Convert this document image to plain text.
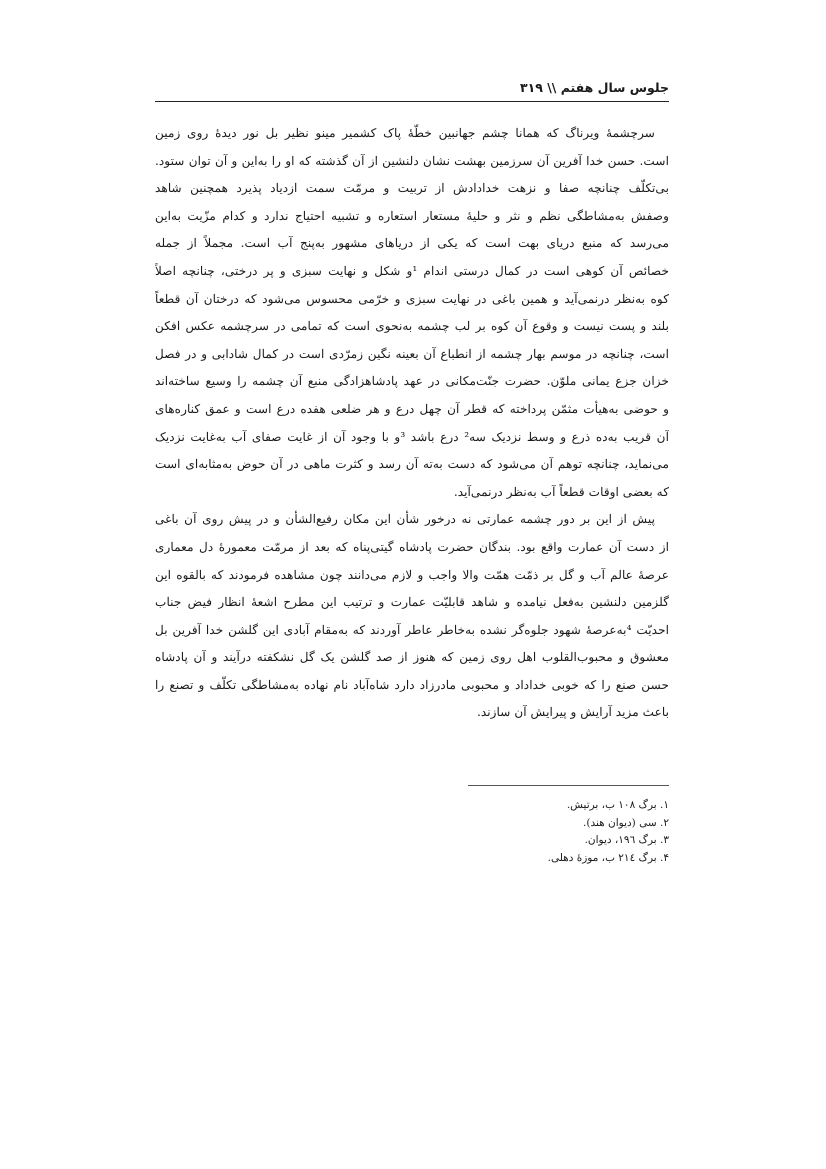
جلوس سال هفتم \\ ۳۱۹

سرچشمهٔ ویرناگ که همانا چشم جهانبین خطّهٔ پاک کشمیر مینو نظیر بل نور دیدهٔ روی زمین
است. حسن خدا آفرین آن سرزمین بهشت نشان دلنشین از آن گذشته که او را به‌این و آن توان ستود.
بی‌تکلّف چنانچه صفا و نزهت خدادادش از تربیت و مرمّت سمت ازدیاد پذیرد همچنین شاهد
وصفش به‌مشاطگی نظم و نثر و حلیهٔ مستعار استعاره و تشبیه احتیاج ندارد و کدام مزّیت به‌این
می‌رسد که منبع دریای بهت است که یکی از دریاهای مشهور به‌پنج آب است. مجملاً از جمله
خصائص آن کوهی است در کمال درستی اندام ¹و شکل و نهایت سبزی و پر درختی، چنانچه اصلاً
کوه به‌نظر درنمی‌آید و همین باغی در نهایت سبزی و خرّمی محسوس می‌شود که درختان آن قطعاً
بلند و پست نیست و وقوع آن کوه بر لب چشمه به‌نحوی است که تمامی در سرچشمه عکس افکن
است، چنانچه در موسم بهار چشمه از انطباع آن بعینه نگین زمرّدی است در کمال شادابی و در فصل
خزان جزع یمانی ملوّن. حضرت جنّت‌مکانی در عهد پادشاهزادگی منبع آن چشمه را وسیع ساخته‌اند
و حوضی به‌هیأت مثمّن پرداخته که قطر آن چهل درع و هر ضلعی هفده درع است و عمق کناره‌های
آن قریب به‌ده ذرع و وسط نزدیک سه² درع باشد ³و با وجود آن از غایت صفای آب به‌غایت نزدیک
می‌نماید، چنانچه توهم آن می‌شود که دست به‌ته آن رسد و کثرت ماهی در آن حوض به‌مثابه‌ای است
که بعضی اوقات قطعاً آب به‌نظر درنمی‌آید.

پیش از این بر دور چشمه عمارتی نه درخور شأن این مکان رفیع‌الشأن و در پیش روی آن باغی
از دست آن عمارت واقع بود. بندگان حضرت پادشاه گیتی‌پناه که بعد از مرمّت معمورهٔ دل معماری
عرصهٔ عالم آب و گل بر ذمّت همّت والا واجب و لازم می‌دانند چون مشاهده فرمودند که بالقوه این
گلزمین دلنشین به‌فعل نیامده و شاهد قابلیّت عمارت و ترتیب این مطرح اشعهٔ انظار فیض جناب
احدیّت ⁴به‌عرصهٔ شهود جلوه‌گر نشده به‌خاطر عاطر آوردند که به‌مقام آبادی این گلشن خدا آفرین بل
معشوق و محبوب‌القلوب اهل روی زمین که هنوز از صد گلشن یک گل نشکفته درآیند و آن پادشاه
حسن صنع را که خوبی خداداد و محبوبی مادرزاد دارد شاه‌آباد نام نهاده به‌مشاطگی تکلّف و تصنع را
باعث مزید آرایش و پیرایش آن سازند.

۱. برگ ۱۰۸ ب، برتیش.
۲. سی (دیوان هند).
۳. برگ ۱۹٦، دیوان.
۴. برگ ۲۱٤ ب، موزهٔ دهلی.
